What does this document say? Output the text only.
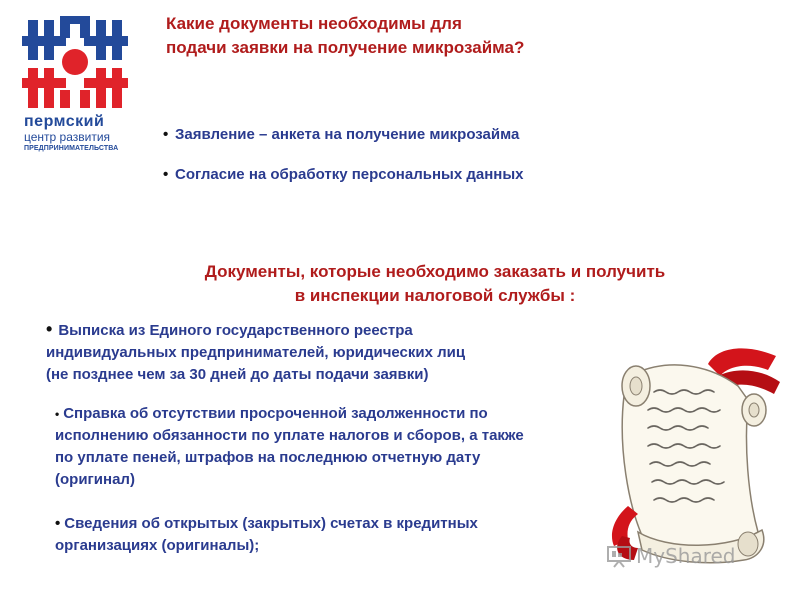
пермский
центр развития
ПРЕДПРИНИМАТЕЛЬСТВА
Какие документы необходимы для
подачи заявки на получение микрозайма?
• Заявление – анкета на получение микрозайма
• Согласие на обработку персональных данных
Документы, которые необходимо заказать и получить
в инспекции налоговой службы :
• Выписка из Единого государственного реестра
индивидуальных предпринимателей, юридических лиц
(не позднее чем за 30 дней до даты подачи заявки)
• Справка об отсутствии просроченной задолженности по
исполнению обязанности по уплате налогов и сборов, а также
по уплате пеней, штрафов на последнюю отчетную дату
(оригинал)
• Сведения об открытых (закрытых) счетах в кредитных
организациях (оригиналы);	MyShared
